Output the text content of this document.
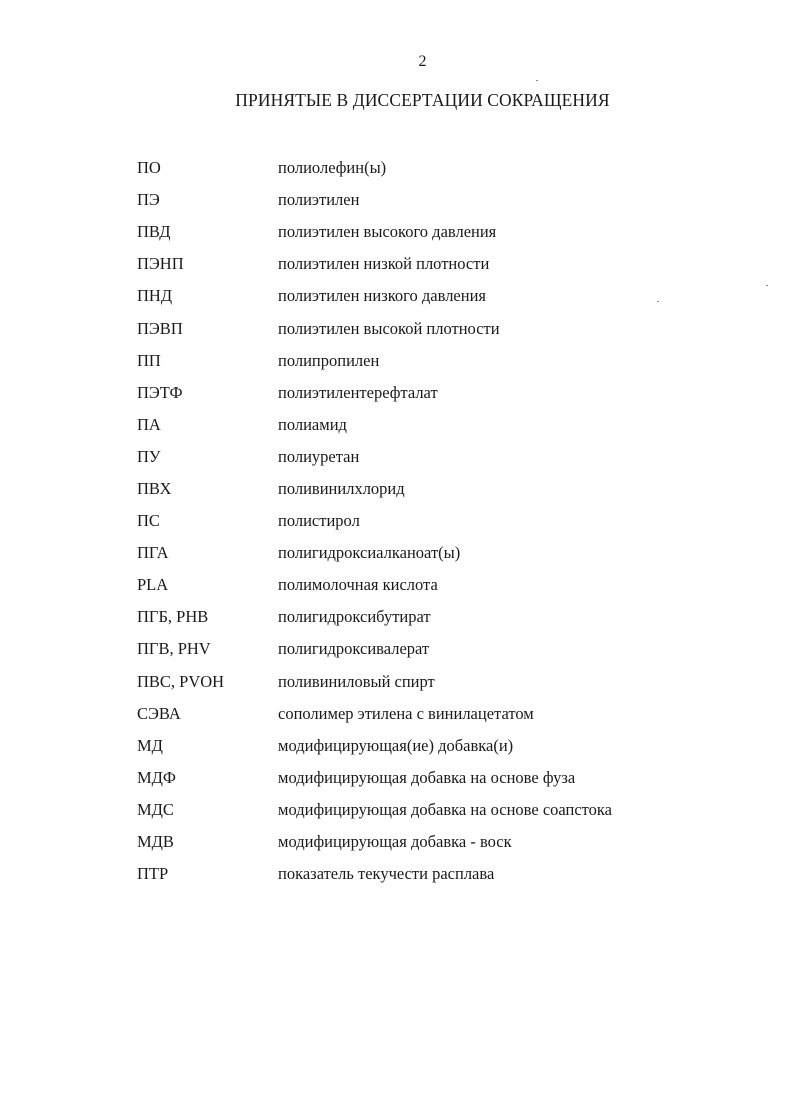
2
ПРИНЯТЫЕ В ДИССЕРТАЦИИ СОКРАЩЕНИЯ
ПО	полиолефин(ы)
ПЭ	полиэтилен
ПВД	полиэтилен высокого давления
ПЭНП	полиэтилен низкой плотности
ПНД	полиэтилен низкого давления
ПЭВП	полиэтилен высокой плотности
ПП	полипропилен
ПЭТФ	полиэтилентерефталат
ПА	полиамид
ПУ	полиуретан
ПВХ	поливинилхлорид
ПС	полистирол
ПГА	полигидроксиалканоат(ы)
PLA	полимолочная кислота
ПГБ, PHB	полигидроксибутират
ПГВ, PHV	полигидроксивалерат
ПВС, PVOH	поливиниловый спирт
СЭВА	сополимер этилена с винилацетатом
МД	модифицирующая(ие) добавка(и)
МДФ	модифицирующая добавка на основе фуза
МДС	модифицирующая добавка на основе соапстока
МДВ	модифицирующая добавка - воск
ПТР	показатель текучести расплава
